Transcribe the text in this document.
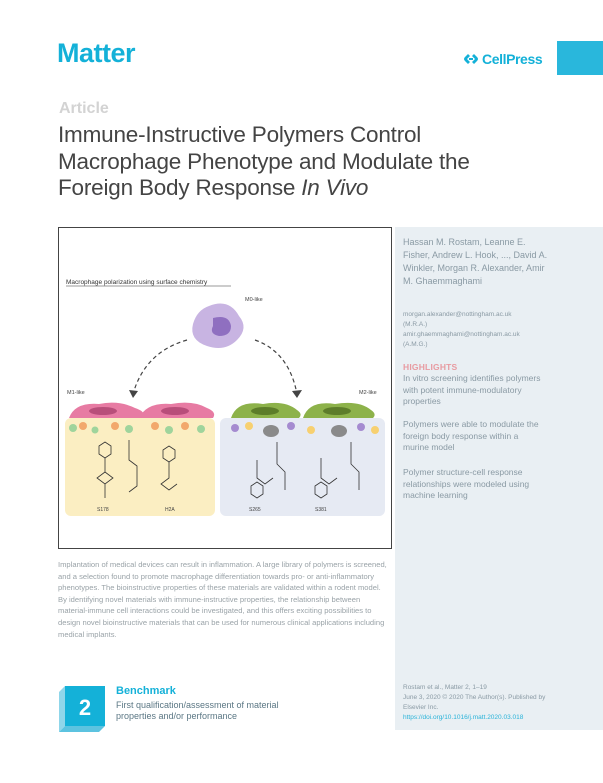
Matter	CellPress
Article
Immune-Instructive Polymers Control
Macrophage Phenotype and Modulate the
Foreign Body Response In Vivo
Macrophage polarization using surface chemistry
M0-like
M1-like	M2-like
S178	H2A	S265	S381
Hassan M. Rostam, Leanne E. Fisher, Andrew L. Hook, ..., David A. Winkler, Morgan R. Alexander, Amir M. Ghaemmaghami
morgan.alexander@nottingham.ac.uk
(M.R.A.)
amir.ghaemmaghami@nottingham.ac.uk
(A.M.G.)
HIGHLIGHTS
In vitro screening identifies polymers with potent immune-modulatory properties
Polymers were able to modulate the foreign body response within a murine model
Polymer structure-cell response relationships were modeled using machine learning
Rostam et al., Matter 2, 1–19
June 3, 2020 © 2020 The Author(s). Published by Elsevier Inc.
https://doi.org/10.1016/j.matt.2020.03.018
Implantation of medical devices can result in inflammation. A large library of polymers is screened, and a selection found to promote macrophage differentiation towards pro- or anti-inflammatory phenotypes. The bioinstructive properties of these materials are validated within a rodent model. By identifying novel materials with immune-instructive properties, the relationship between material-immune cell interactions could be investigated, and this offers exciting possibilities to design novel bioinstructive materials that can be used for numerous clinical applications including medical implants.
2
Benchmark
First qualification/assessment of material properties and/or performance
